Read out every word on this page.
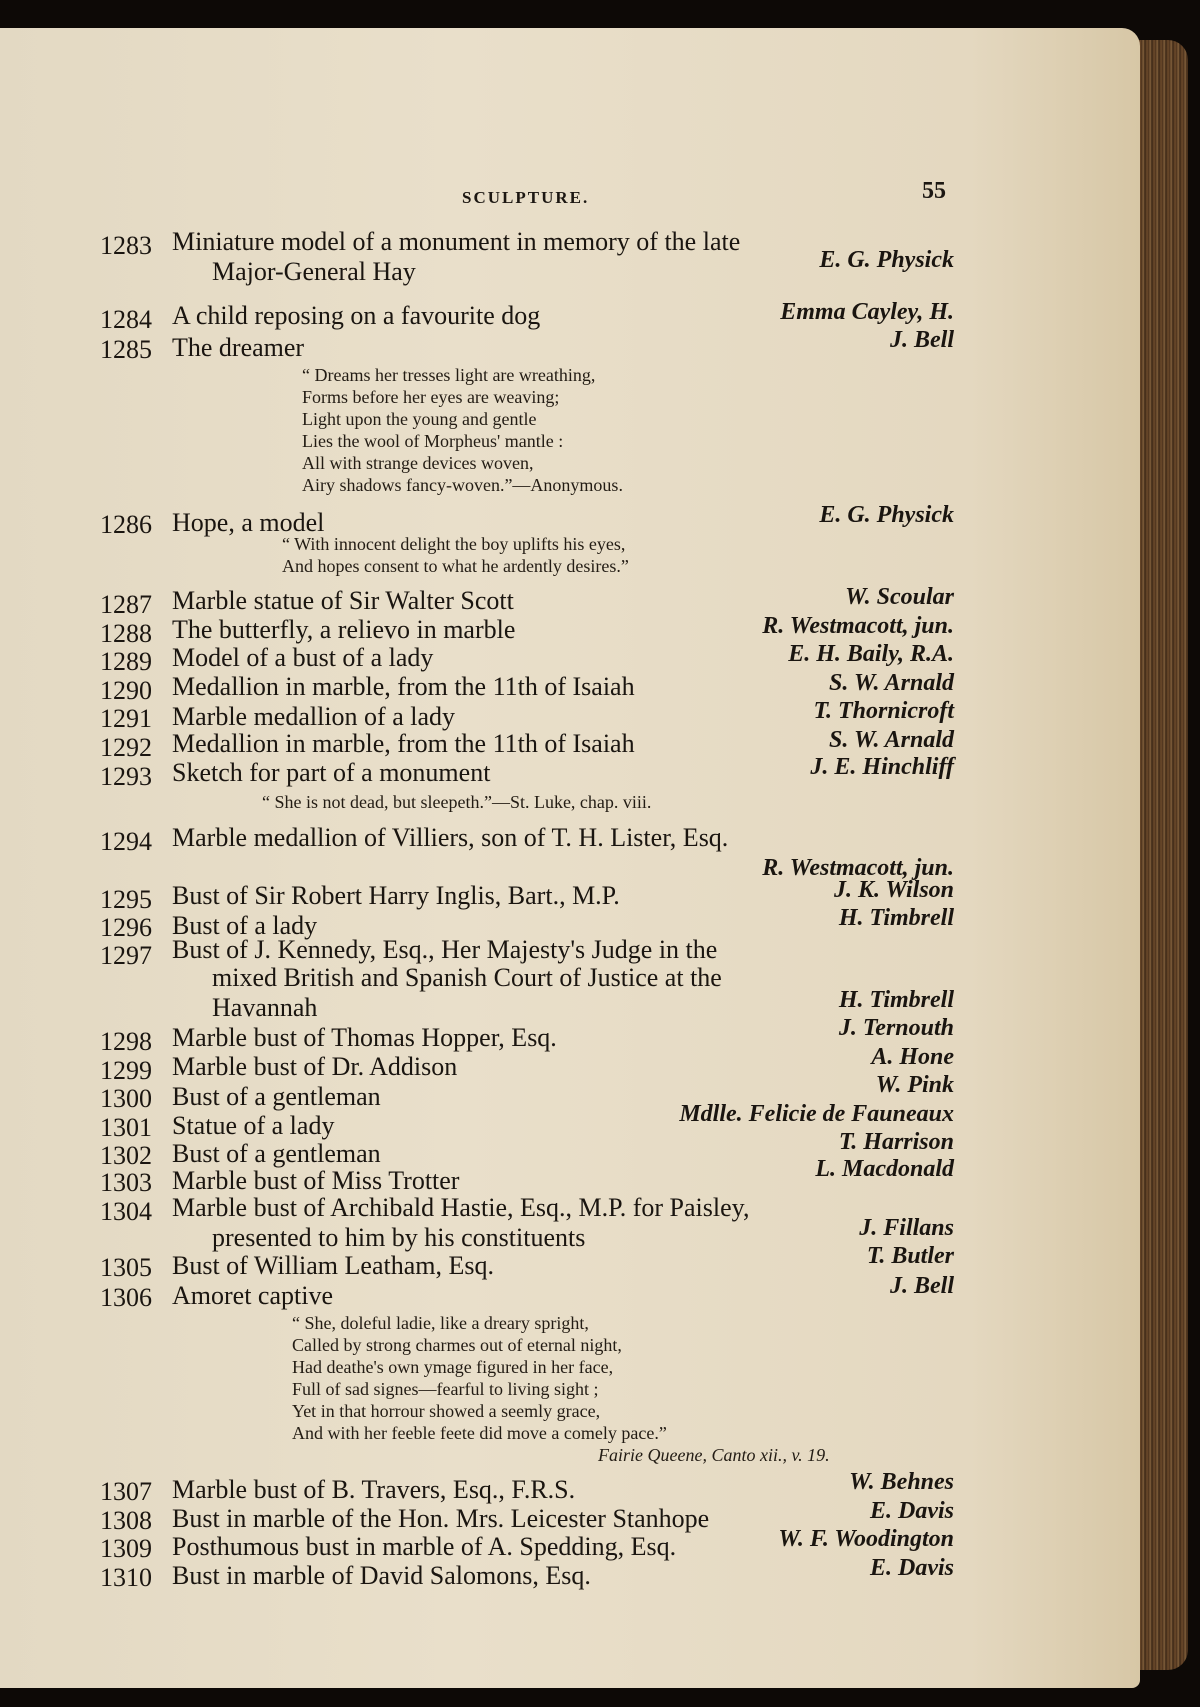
SCULPTURE.	55
1283 Miniature model of a monument in memory of the late
Major-General Hay	E. G. Physick
1284 A child reposing on a favourite dog	Emma Cayley, H.
1285 The dreamer	J. Bell
“ Dreams her tresses light are wreathing,
Forms before her eyes are weaving;
Light upon the young and gentle
Lies the wool of Morpheus' mantle :
All with strange devices woven,
Airy shadows fancy-woven.”—Anonymous.
1286 Hope, a model	E. G. Physick
“ With innocent delight the boy uplifts his eyes,
And hopes consent to what he ardently desires.”
1287 Marble statue of Sir Walter Scott	W. Scoular
1288 The butterfly, a relievo in marble	R. Westmacott, jun.
1289 Model of a bust of a lady	E. H. Baily, R.A.
1290 Medallion in marble, from the 11th of Isaiah	S. W. Arnald
1291 Marble medallion of a lady	T. Thornicroft
1292 Medallion in marble, from the 11th of Isaiah	S. W. Arnald
1293 Sketch for part of a monument	J. E. Hinchliff
“ She is not dead, but sleepeth.”—St. Luke, chap. viii.
1294 Marble medallion of Villiers, son of T. H. Lister, Esq.
R. Westmacott, jun.
1295 Bust of Sir Robert Harry Inglis, Bart., M.P.	J. K. Wilson
1296 Bust of a lady	H. Timbrell
1297 Bust of J. Kennedy, Esq., Her Majesty's Judge in the
mixed British and Spanish Court of Justice at the
Havannah	H. Timbrell
1298 Marble bust of Thomas Hopper, Esq.	J. Ternouth
1299 Marble bust of Dr. Addison	A. Hone
1300 Bust of a gentleman	W. Pink
1301 Statue of a lady	Mdlle. Felicie de Fauneaux
1302 Bust of a gentleman	T. Harrison
1303 Marble bust of Miss Trotter	L. Macdonald
1304 Marble bust of Archibald Hastie, Esq., M.P. for Paisley,
presented to him by his constituents	J. Fillans
1305 Bust of William Leatham, Esq.	T. Butler
1306 Amoret captive	J. Bell
“ She, doleful ladie, like a dreary spright,
Called by strong charmes out of eternal night,
Had deathe's own ymage figured in her face,
Full of sad signes—fearful to living sight ;
Yet in that horrour showed a seemly grace,
And with her feeble feete did move a comely pace.”
Fairie Queene, Canto xii., v. 19.
1307 Marble bust of B. Travers, Esq., F.R.S.	W. Behnes
1308 Bust in marble of the Hon. Mrs. Leicester Stanhope	E. Davis
1309 Posthumous bust in marble of A. Spedding, Esq.	W. F. Woodington
1310 Bust in marble of David Salomons, Esq.	E. Davis
